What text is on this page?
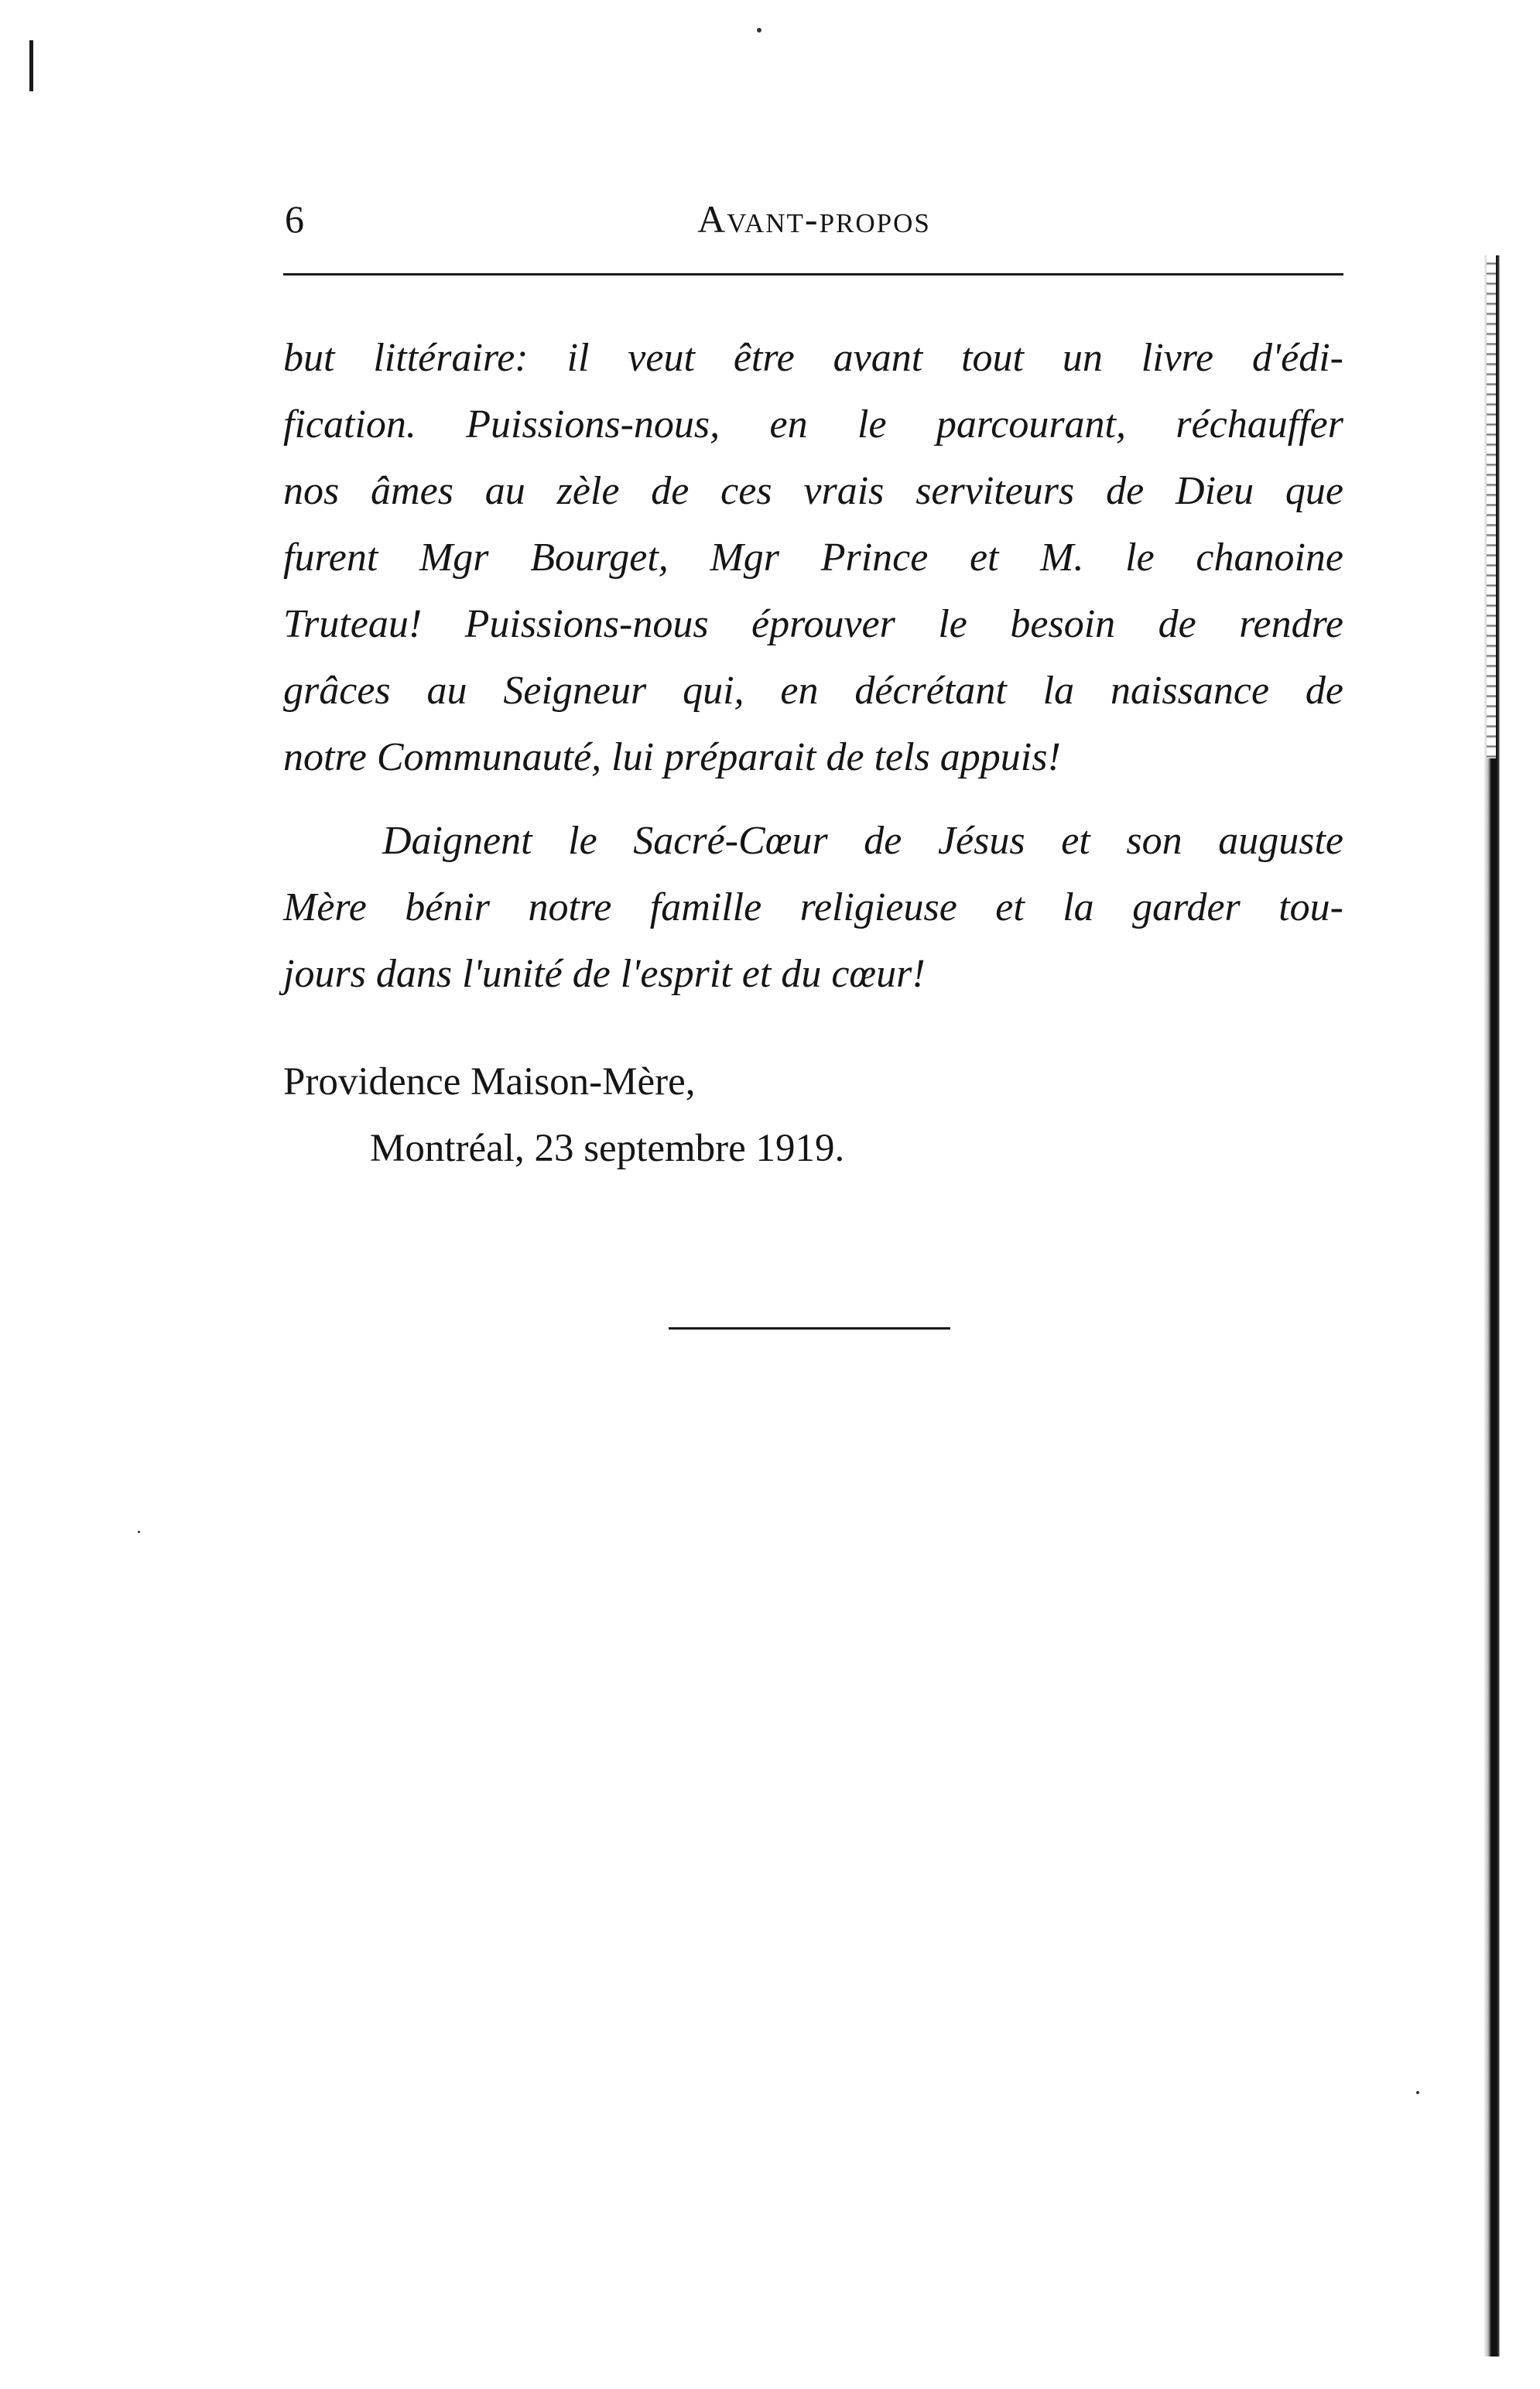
6	Avant-propos
but littéraire: il veut être avant tout un livre d'édi-
fication. Puissions-nous, en le parcourant, réchauffer
nos âmes au zèle de ces vrais serviteurs de Dieu que
furent Mgr Bourget, Mgr Prince et M. le chanoine
Truteau! Puissions-nous éprouver le besoin de rendre
grâces au Seigneur qui, en décrétant la naissance de
notre Communauté, lui préparait de tels appuis!
Daignent le Sacré-Cœur de Jésus et son auguste
Mère bénir notre famille religieuse et la garder tou-
jours dans l'unité de l'esprit et du cœur!
Providence Maison-Mère,
Montréal, 23 septembre 1919.
